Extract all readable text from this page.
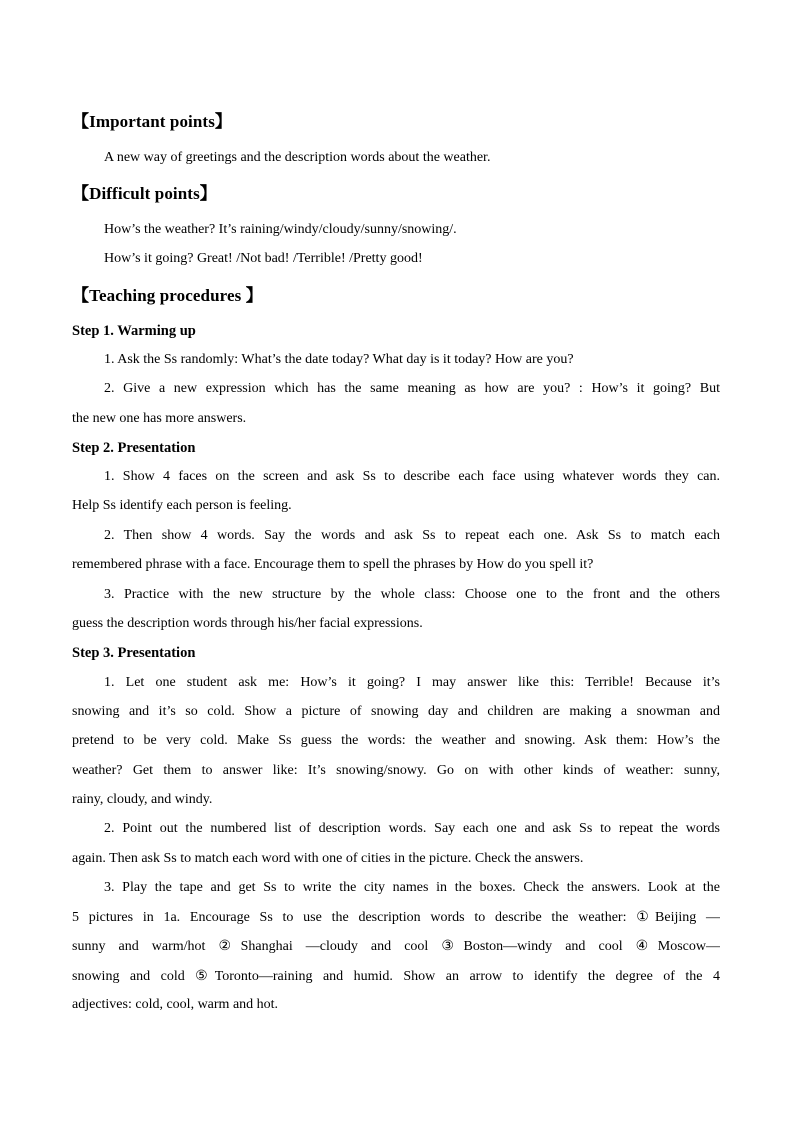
【Important points】
A new way of greetings and the description words about the weather.
【Difficult points】
How’s the weather? It’s raining/windy/cloudy/sunny/snowing/.
How’s it going? Great! /Not bad! /Terrible! /Pretty good!
【Teaching procedures 】
Step 1. Warming up
1. Ask the Ss randomly: What’s the date today? What day is it today? How are you?
2. Give a new expression which has the same meaning as how are you? : How’s it going? But
the new one has more answers.
Step 2. Presentation
1. Show 4 faces on the screen and ask Ss to describe each face using whatever words they can.
Help Ss identify each person is feeling.
2. Then show 4 words. Say the words and ask Ss to repeat each one. Ask Ss to match each
remembered phrase with a face. Encourage them to spell the phrases by How do you spell it?
3. Practice with the new structure by the whole class: Choose one to the front and the others
guess the description words through his/her facial expressions.
Step 3. Presentation
1. Let one student ask me: How’s it going? I may answer like this: Terrible! Because it’s
snowing and it’s so cold. Show a picture of snowing day and children are making a snowman and
pretend to be very cold. Make Ss guess the words: the weather and snowing. Ask them: How’s the
weather? Get them to answer like: It’s snowing/snowy. Go on with other kinds of weather: sunny,
rainy, cloudy, and windy.
2. Point out the numbered list of description words. Say each one and ask Ss to repeat the words
again. Then ask Ss to match each word with one of cities in the picture. Check the answers.
3. Play the tape and get Ss to write the city names in the boxes. Check the answers. Look at the
5 pictures in 1a. Encourage Ss to use the description words to describe the weather: ①Beijing —
sunny and warm/hot ②Shanghai —cloudy and cool ③Boston—windy and cool ④Moscow—
snowing and cold ⑤Toronto—raining and humid. Show an arrow to identify the degree of the 4
adjectives: cold, cool, warm and hot.
